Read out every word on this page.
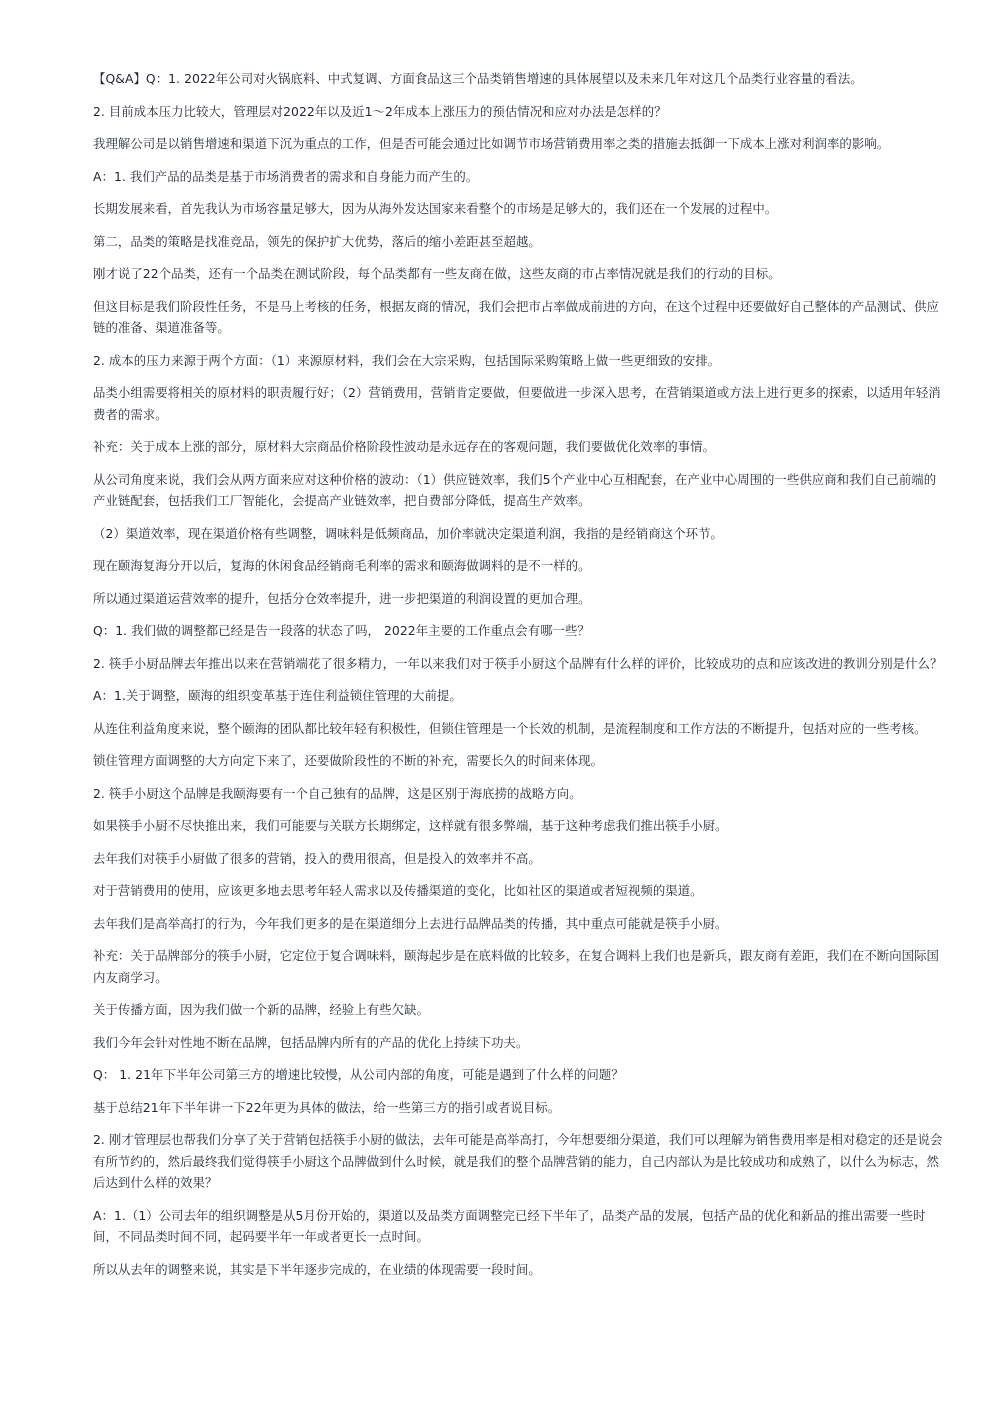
【Q&A】Q：1. 2022年公司对火锅底料、中式复调、方面食品这三个品类销售增速的具体展望以及未来几年对这几个品类行业容量的看法。

2. 目前成本压力比较大，管理层对2022年以及近1～2年成本上涨压力的预估情况和应对办法是怎样的？

我理解公司是以销售增速和渠道下沉为重点的工作，但是否可能会通过比如调节市场营销费用率之类的措施去抵御一下成本上涨对利润率的影响。

A：1. 我们产品的品类是基于市场消费者的需求和自身能力而产生的。

长期发展来看，首先我认为市场容量足够大，因为从海外发达国家来看整个的市场是足够大的，我们还在一个发展的过程中。

第二，品类的策略是找准竞品，领先的保护扩大优势，落后的缩小差距甚至超越。

刚才说了22个品类，还有一个品类在测试阶段，每个品类都有一些友商在做，这些友商的市占率情况就是我们的行动的目标。

但这目标是我们阶段性任务，不是马上考核的任务，根据友商的情况，我们会把市占率做成前进的方向，在这个过程中还要做好自己整体的产品测试、供应链的准备、渠道准备等。

2. 成本的压力来源于两个方面：（1）来源原材料，我们会在大宗采购，包括国际采购策略上做一些更细致的安排。

品类小组需要将相关的原材料的职责履行好；（2）营销费用，营销肯定要做，但要做进一步深入思考，在营销渠道或方法上进行更多的探索，以适用年轻消费者的需求。

补充：关于成本上涨的部分，原材料大宗商品价格阶段性波动是永远存在的客观问题，我们要做优化效率的事情。

从公司角度来说，我们会从两方面来应对这种价格的波动：（1）供应链效率，我们5个产业中心互相配套，在产业中心周围的一些供应商和我们自己前端的产业链配套，包括我们工厂智能化，会提高产业链效率，把自费部分降低，提高生产效率。

（2）渠道效率，现在渠道价格有些调整，调味料是低频商品，加价率就决定渠道利润，我指的是经销商这个环节。

现在颐海复海分开以后，复海的休闲食品经销商毛利率的需求和颐海做调料的是不一样的。

所以通过渠道运营效率的提升，包括分仓效率提升，进一步把渠道的利润设置的更加合理。

Q：1. 我们做的调整都已经是告一段落的状态了吗， 2022年主要的工作重点会有哪一些？

2. 筷手小厨品牌去年推出以来在营销端花了很多精力，一年以来我们对于筷手小厨这个品牌有什么样的评价，比较成功的点和应该改进的教训分别是什么？

A：1.关于调整，颐海的组织变革基于连住利益锁住管理的大前提。

从连住利益角度来说，整个颐海的团队都比较年轻有积极性，但锁住管理是一个长效的机制，是流程制度和工作方法的不断提升，包括对应的一些考核。

锁住管理方面调整的大方向定下来了，还要做阶段性的不断的补充，需要长久的时间来体现。

2. 筷手小厨这个品牌是我颐海要有一个自己独有的品牌，这是区别于海底捞的战略方向。

如果筷手小厨不尽快推出来，我们可能要与关联方长期绑定，这样就有很多弊端，基于这种考虑我们推出筷手小厨。

去年我们对筷手小厨做了很多的营销，投入的费用很高，但是投入的效率并不高。

对于营销费用的使用，应该更多地去思考年轻人需求以及传播渠道的变化，比如社区的渠道或者短视频的渠道。

去年我们是高举高打的行为，今年我们更多的是在渠道细分上去进行品牌品类的传播，其中重点可能就是筷手小厨。

补充：关于品牌部分的筷手小厨，它定位于复合调味料，颐海起步是在底料做的比较多，在复合调料上我们也是新兵，跟友商有差距，我们在不断向国际国内友商学习。

关于传播方面，因为我们做一个新的品牌，经验上有些欠缺。

我们今年会针对性地不断在品牌，包括品牌内所有的产品的优化上持续下功夫。

Q： 1. 21年下半年公司第三方的增速比较慢，从公司内部的角度，可能是遇到了什么样的问题？

基于总结21年下半年讲一下22年更为具体的做法，给一些第三方的指引或者说目标。

2. 刚才管理层也帮我们分享了关于营销包括筷手小厨的做法，去年可能是高举高打，今年想要细分渠道，我们可以理解为销售费用率是相对稳定的还是说会有所节约的，然后最终我们觉得筷手小厨这个品牌做到什么时候，就是我们的整个品牌营销的能力，自己内部认为是比较成功和成熟了，以什么为标志，然后达到什么样的效果？

A：1.（1）公司去年的组织调整是从5月份开始的，渠道以及品类方面调整完已经下半年了，品类产品的发展，包括产品的优化和新品的推出需要一些时间，不同品类时间不同，起码要半年一年或者更长一点时间。

所以从去年的调整来说，其实是下半年逐步完成的，在业绩的体现需要一段时间。
